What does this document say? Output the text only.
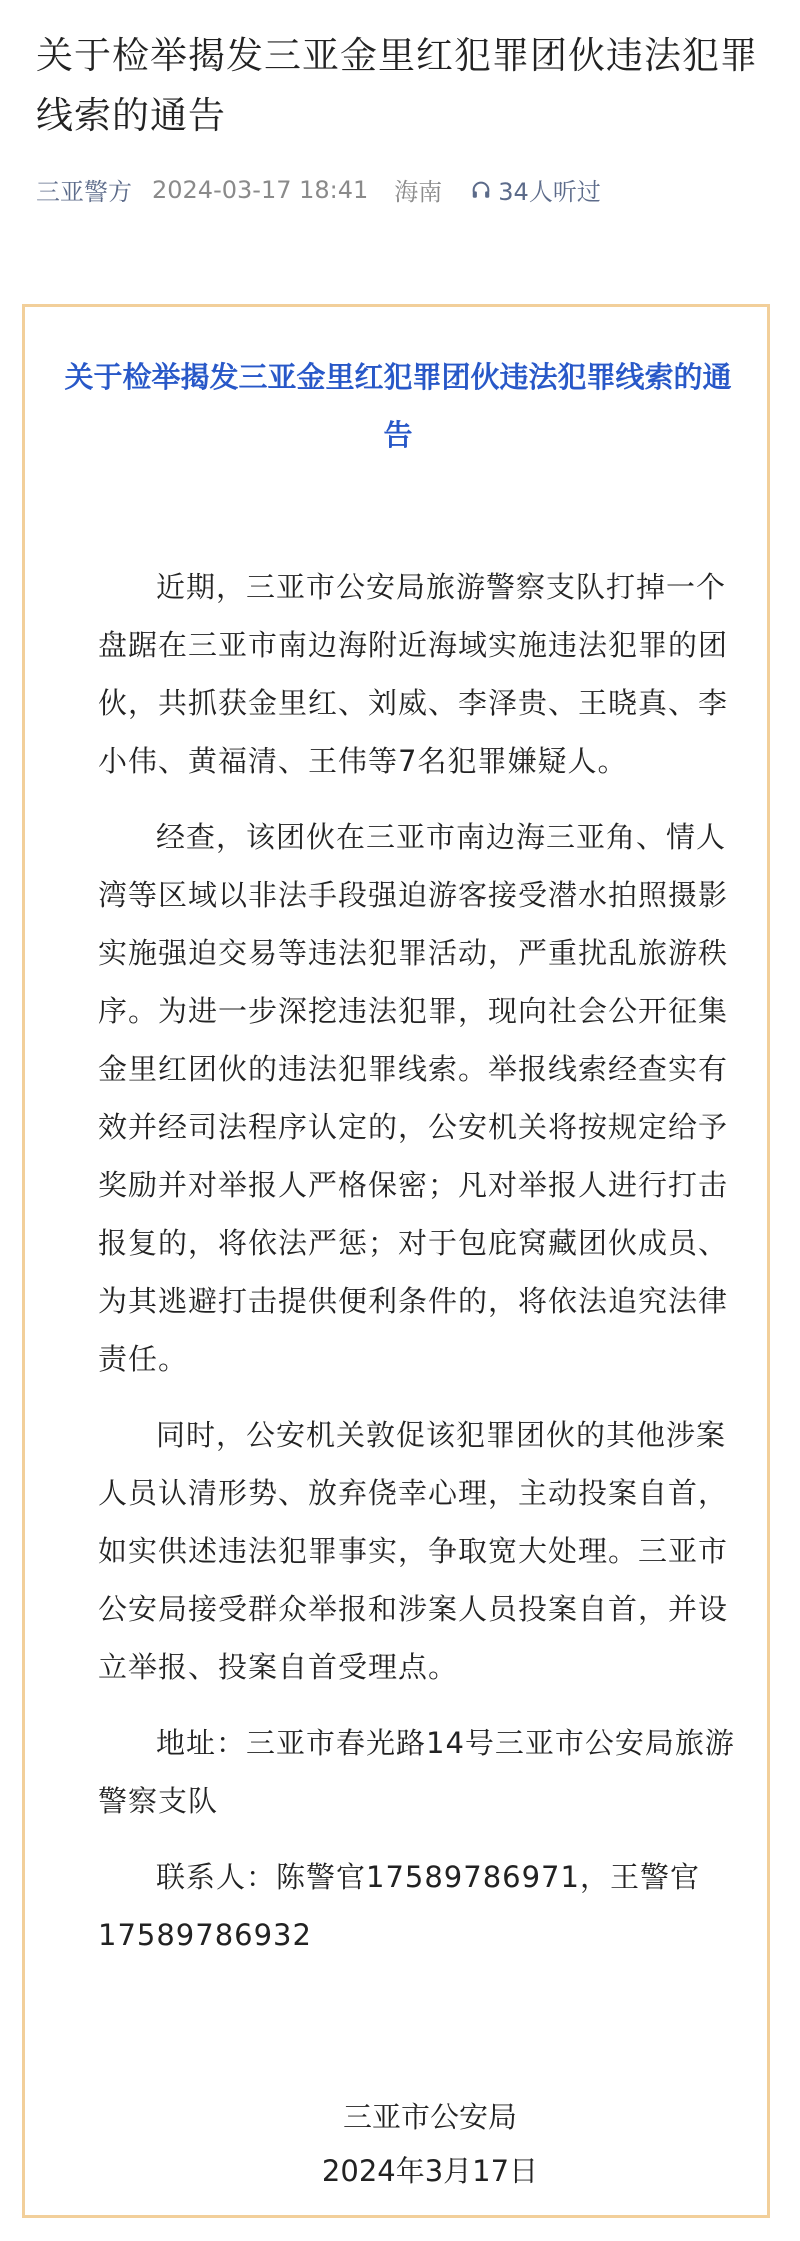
关于检举揭发三亚金里红犯罪团伙违法犯罪线索的通告
三亚警方 2024-03-17 18:41 海南 34人听过
关于检举揭发三亚金里红犯罪团伙违法犯罪线索的通告

近期，三亚市公安局旅游警察支队打掉一个盘踞在三亚市南边海附近海域实施违法犯罪的团伙，共抓获金里红、刘威、李泽贵、王晓真、李小伟、黄福清、王伟等7名犯罪嫌疑人。

经查，该团伙在三亚市南边海三亚角、情人湾等区域以非法手段强迫游客接受潜水拍照摄影实施强迫交易等违法犯罪活动，严重扰乱旅游秩序。为进一步深挖违法犯罪，现向社会公开征集金里红团伙的违法犯罪线索。举报线索经查实有效并经司法程序认定的，公安机关将按规定给予奖励并对举报人严格保密；凡对举报人进行打击报复的，将依法严惩；对于包庇窝藏团伙成员、为其逃避打击提供便利条件的，将依法追究法律责任。

同时，公安机关敦促该犯罪团伙的其他涉案人员认清形势、放弃侥幸心理，主动投案自首，如实供述违法犯罪事实，争取宽大处理。三亚市公安局接受群众举报和涉案人员投案自首，并设立举报、投案自首受理点。

地址：三亚市春光路14号三亚市公安局旅游警察支队

联系人：陈警官17589786971，王警官17589786932

三亚市公安局
2024年3月17日
